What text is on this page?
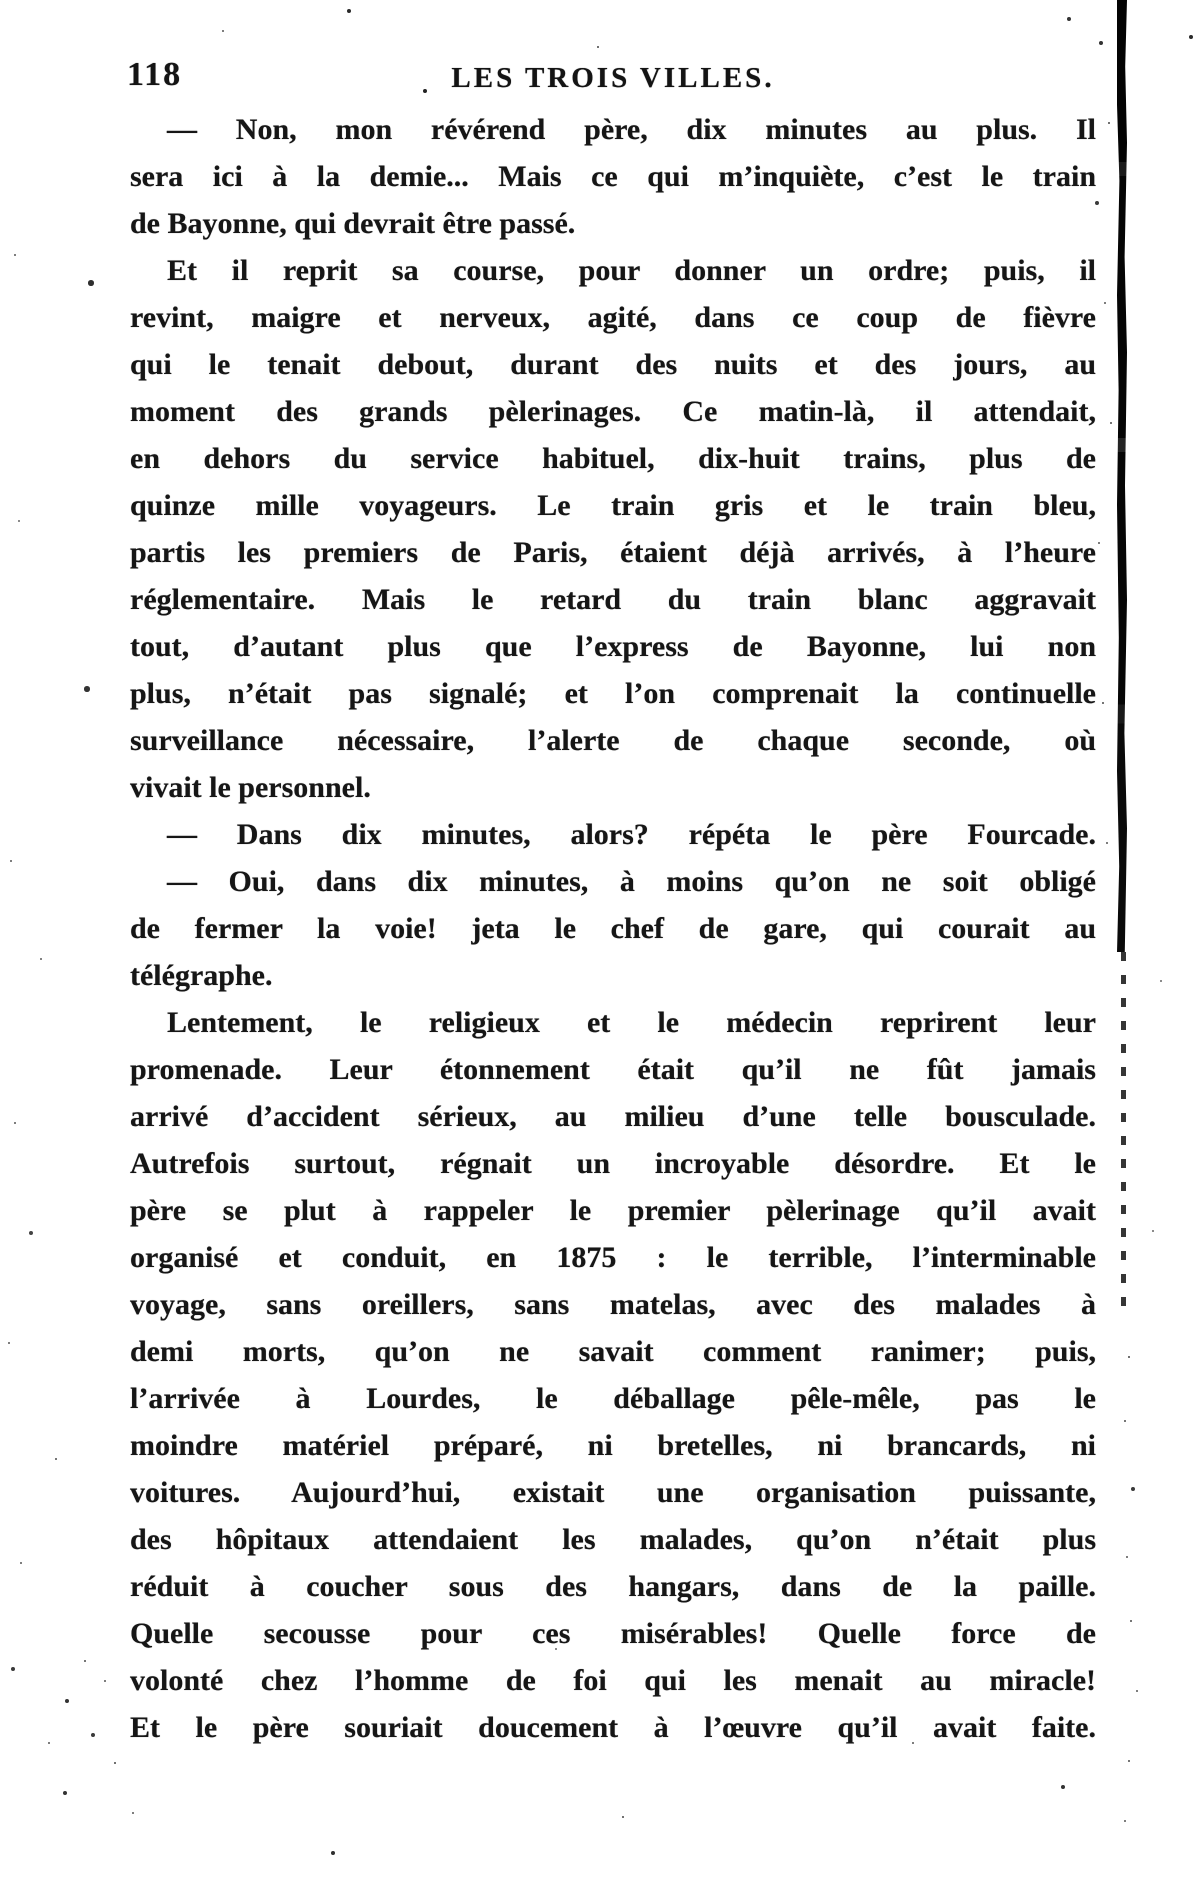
118	LES TROIS VILLES.
— Non, mon révérend père, dix minutes au plus. Il
sera ici à la demie... Mais ce qui m’inquiète, c’est le train
de Bayonne, qui devrait être passé.
Et il reprit sa course, pour donner un ordre; puis, il
revint, maigre et nerveux, agité, dans ce coup de fièvre
qui le tenait debout, durant des nuits et des jours, au
moment des grands pèlerinages. Ce matin-là, il attendait,
en dehors du service habituel, dix-huit trains, plus de
quinze mille voyageurs. Le train gris et le train bleu,
partis les premiers de Paris, étaient déjà arrivés, à l’heure
réglementaire. Mais le retard du train blanc aggravait
tout, d’autant plus que l’express de Bayonne, lui non
plus, n’était pas signalé; et l’on comprenait la continuelle
surveillance nécessaire, l’alerte de chaque seconde, où
vivait le personnel.
— Dans dix minutes, alors? répéta le père Fourcade.
— Oui, dans dix minutes, à moins qu’on ne soit obligé
de fermer la voie! jeta le chef de gare, qui courait au
télégraphe.
Lentement, le religieux et le médecin reprirent leur
promenade. Leur étonnement était qu’il ne fût jamais
arrivé d’accident sérieux, au milieu d’une telle bousculade.
Autrefois surtout, régnait un incroyable désordre. Et le
père se plut à rappeler le premier pèlerinage qu’il avait
organisé et conduit, en 1875 : le terrible, l’interminable
voyage, sans oreillers, sans matelas, avec des malades à
demi morts, qu’on ne savait comment ranimer; puis,
l’arrivée à Lourdes, le déballage pêle-mêle, pas le
moindre matériel préparé, ni bretelles, ni brancards, ni
voitures. Aujourd’hui, existait une organisation puissante,
des hôpitaux attendaient les malades, qu’on n’était plus
réduit à coucher sous des hangars, dans de la paille.
Quelle secousse pour ces misérables! Quelle force de
volonté chez l’homme de foi qui les menait au miracle!
Et le père souriait doucement à l’œuvre qu’il avait faite.
